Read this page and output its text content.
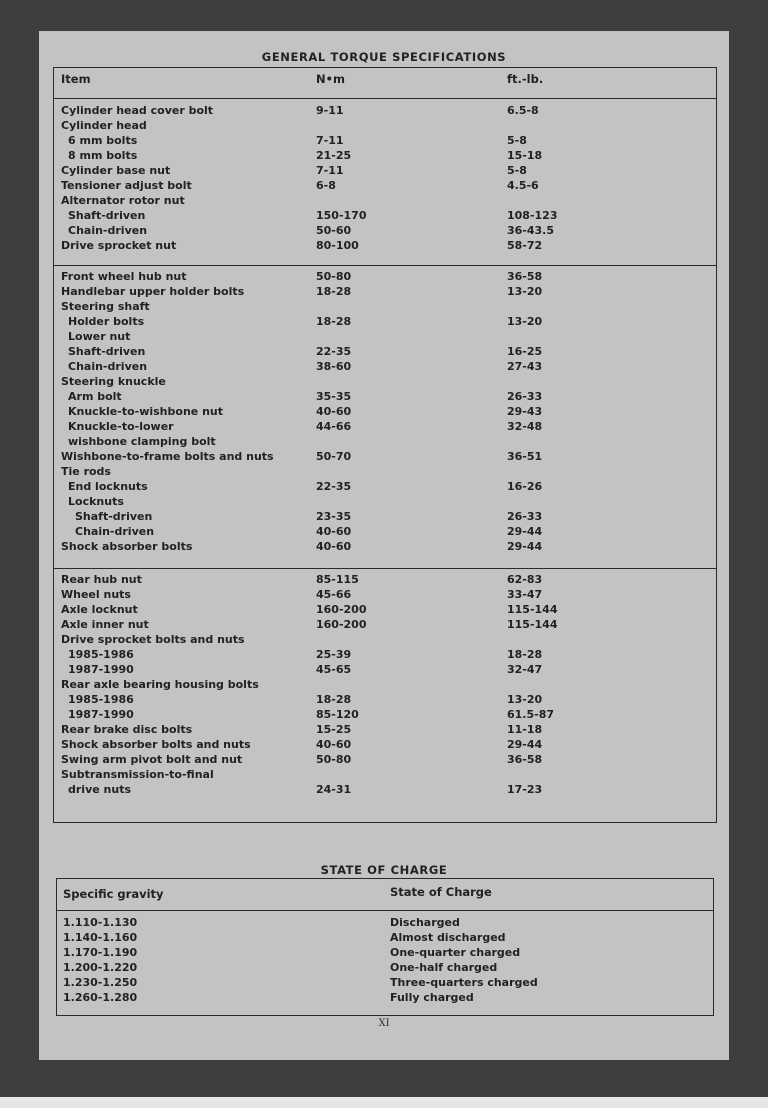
GENERAL TORQUE SPECIFICATIONS
Item	N•m	ft.-lb.
Cylinder head cover bolt	9-11	6.5-8
Cylinder head
6 mm bolts	7-11	5-8
8 mm bolts	21-25	15-18
Cylinder base nut	7-11	5-8
Tensioner adjust bolt	6-8	4.5-6
Alternator rotor nut
Shaft-driven	150-170	108-123
Chain-driven	50-60	36-43.5
Drive sprocket nut	80-100	58-72
Front wheel hub nut	50-80	36-58
Handlebar upper holder bolts	18-28	13-20
Steering shaft
Holder bolts	18-28	13-20
Lower nut
Shaft-driven	22-35	16-25
Chain-driven	38-60	27-43
Steering knuckle
Arm bolt	35-35	26-33
Knuckle-to-wishbone nut	40-60	29-43
Knuckle-to-lower	44-66	32-48
wishbone clamping bolt
Wishbone-to-frame bolts and nuts	50-70	36-51
Tie rods
End locknuts	22-35	16-26
Locknuts
Shaft-driven	23-35	26-33
Chain-driven	40-60	29-44
Shock absorber bolts	40-60	29-44
Rear hub nut	85-115	62-83
Wheel nuts	45-66	33-47
Axle locknut	160-200	115-144
Axle inner nut	160-200	115-144
Drive sprocket bolts and nuts
1985-1986	25-39	18-28
1987-1990	45-65	32-47
Rear axle bearing housing bolts
1985-1986	18-28	13-20
1987-1990	85-120	61.5-87
Rear brake disc bolts	15-25	11-18
Shock absorber bolts and nuts	40-60	29-44
Swing arm pivot bolt and nut	50-80	36-58
Subtransmission-to-final
drive nuts	24-31	17-23
STATE OF CHARGE
Specific gravity	State of Charge
1.110-1.130	Discharged
1.140-1.160	Almost discharged
1.170-1.190	One-quarter charged
1.200-1.220	One-half charged
1.230-1.250	Three-quarters charged
1.260-1.280	Fully charged
XI
